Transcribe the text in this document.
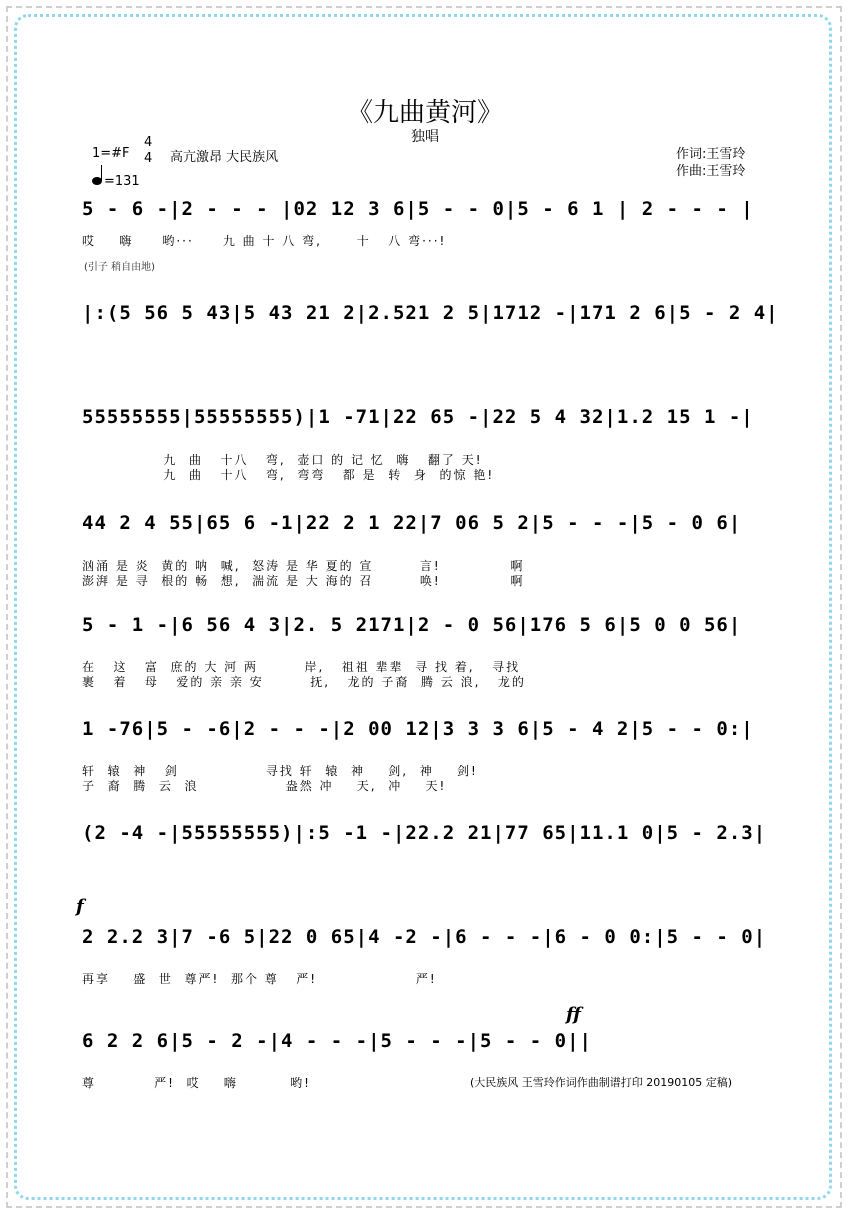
《九曲黄河》
独唱
1=#F
4
4 高亢激昂 大民族风
=131
作词:王雪玲
作曲:王雪玲
5 - 6 -|2 - - - |02 12 3 6|5 - - 0|5 - 6 1 | 2 - - - |
哎    嗨     哟···     九 曲 十 八 弯,      十   八 弯···!
(引子 稍自由地)
|:(5 56 5 43|5 43 21 2|2.521 2 5|1712 -|171 2 6|5 - 2 4|
55555555|55555555)|1 -71|22 65 -|22 5 4 32|1.2 15 1 -|
九  曲   十八   弯,  壶口 的 记 忆  嗨   翻了 天!
九  曲   十八   弯,  弯弯   都 是  转  身  的惊 艳!
44 2 4 55|65 6 -1|22 2 1 22|7 06 5 2|5 - - -|5 - 0 6|
汹涌 是 炎  黄的 呐  喊,  怒涛 是 华 夏的 宣        言!            啊
澎湃 是 寻  根的 畅  想,  湍流 是 大 海的 召        唤!            啊
5 - 1 -|6 56 4 3|2. 5 2171|2 - 0 56|176 5 6|5 0 0 56|
在   这   富  庶的 大 河 两        岸,   祖祖 辈辈  寻 找 着,   寻找
裹   着   母   爱的 亲 亲 安        抚,   龙的 子裔  腾 云 浪,   龙的
1 -76|5 - -6|2 - - -|2 00 12|3 3 3 6|5 - 4 2|5 - - 0:|
轩  辕  神   剑               寻找 轩  辕  神    剑,  神    剑!
子  裔  腾  云  浪               盎然 冲    天,  冲    天!
(2 -4 -|55555555)|:5 -1 -|22.2 21|77 65|11.1 0|5 - 2.3|
f
2 2.2 3|7 -6 5|22 0 65|4 -2 -|6 - - -|6 - 0 0:|5 - - 0|
再享    盛  世  尊严!  那个 尊   严!                 严!
ff
6 2 2 6|5 - 2 -|4 - - -|5 - - -|5 - - 0||
尊          严!  哎    嗨         哟!	(大民族风 王雪玲作词作曲制谱打印 20190105 定稿)
